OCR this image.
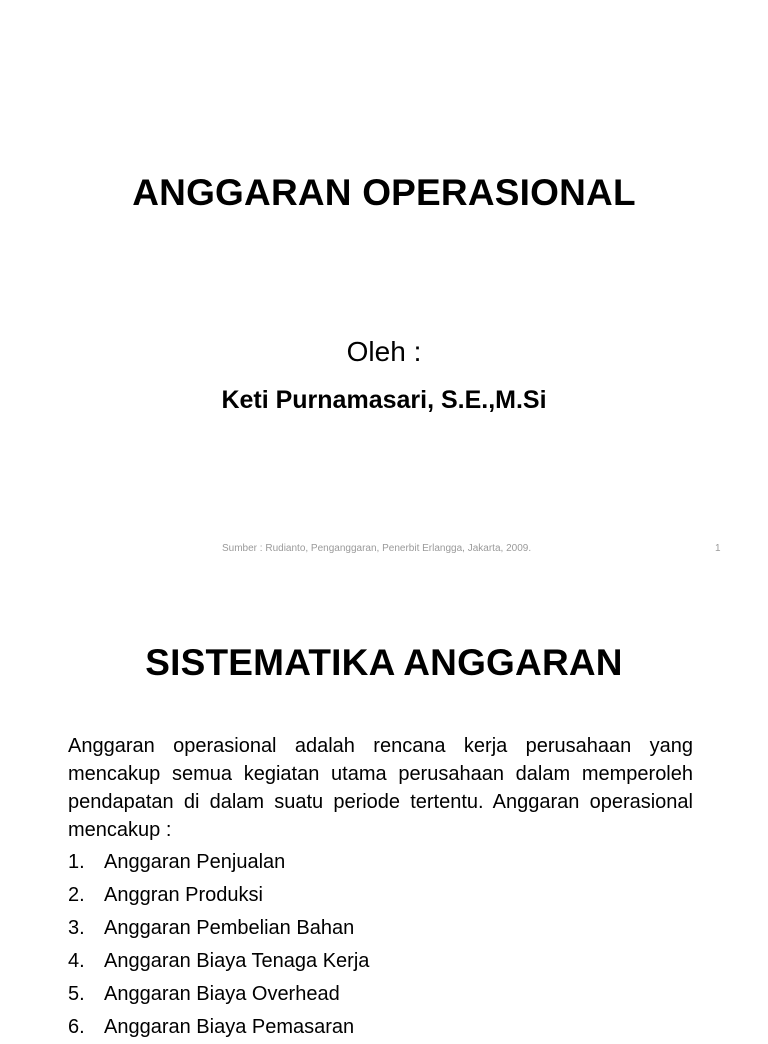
ANGGARAN OPERASIONAL
Oleh :
Keti Purnamasari, S.E.,M.Si
Sumber : Rudianto, Penganggaran, Penerbit Erlangga, Jakarta, 2009.	1
SISTEMATIKA ANGGARAN
Anggaran operasional adalah rencana kerja perusahaan yang mencakup semua kegiatan utama perusahaan dalam memperoleh pendapatan di dalam suatu periode tertentu. Anggaran operasional mencakup :
1. Anggaran Penjualan
2. Anggran Produksi
3. Anggaran Pembelian Bahan
4. Anggaran Biaya Tenaga Kerja
5. Anggaran Biaya Overhead
6. Anggaran Biaya Pemasaran
